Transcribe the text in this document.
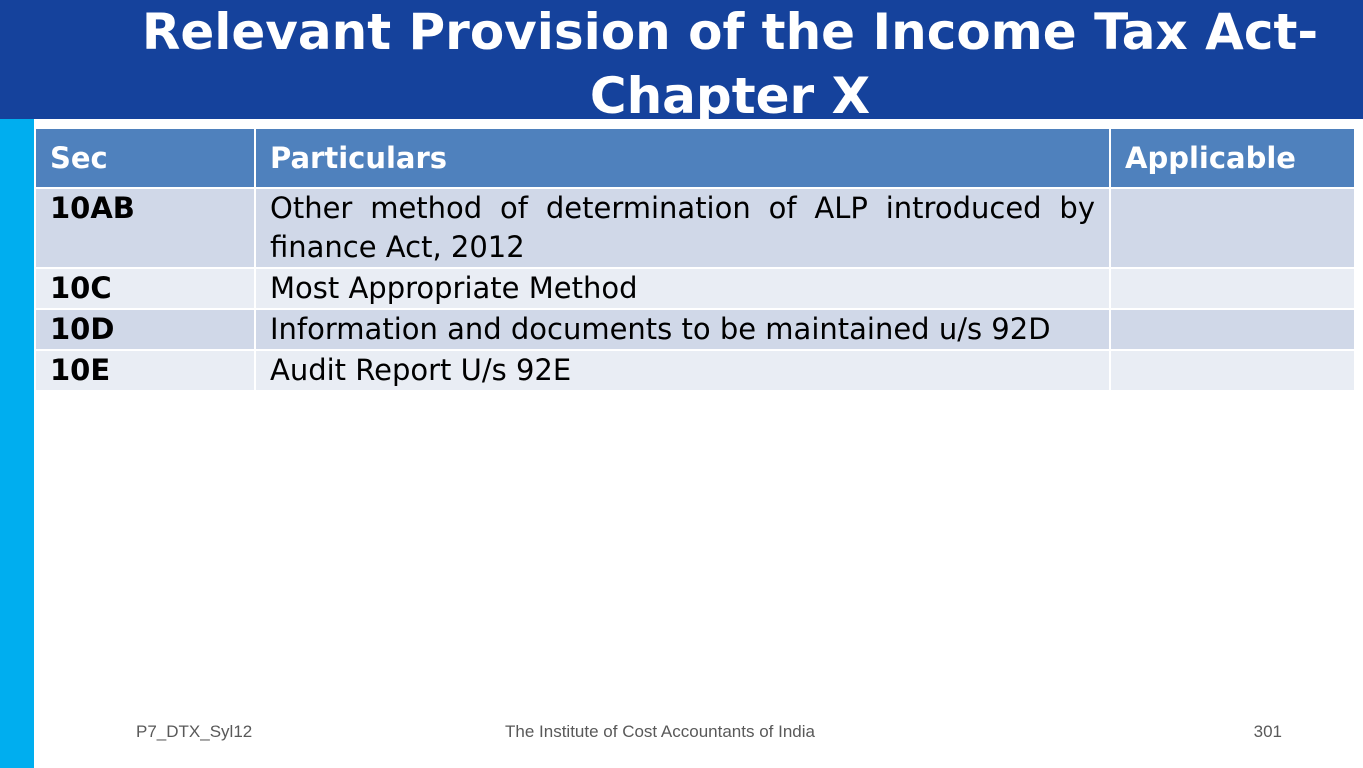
Relevant Provision of the Income Tax Act-
Chapter X
Sec	Particulars	Applicable
10AB	Other method of determination of ALP introduced by finance Act, 2012	
10C	Most Appropriate Method	
10D	Information and documents to be maintained u/s 92D	
10E	Audit Report U/s 92E	
P7_DTX_Syl12	The Institute of Cost Accountants of India	301
